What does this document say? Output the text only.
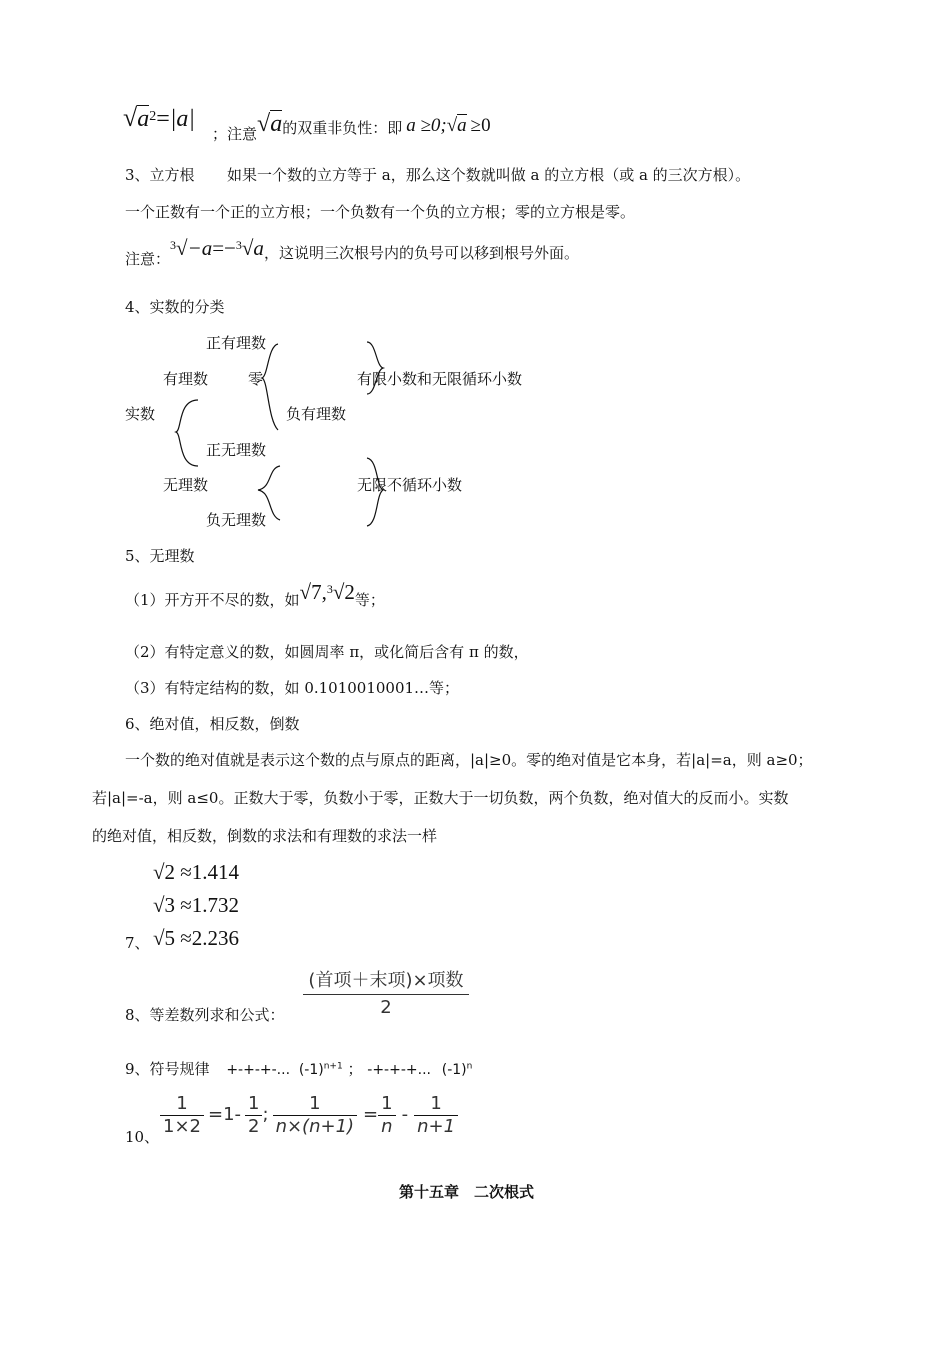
$√a^2=|a|$
；注意√a的双重非负性：即 a ≥0;√a ≥0
3、立方根 如果一个数的立方等于 a，那么这个数就叫做 a 的立方根（或 a 的三次方根）。
一个正数有一个正的立方根；一个负数有一个负的立方根；零的立方根是零。
注意：$^3$√−a=−$^3$√a，这说明三次根号内的负号可以移到根号外面。
4、实数的分类
正有理数
有理数	零	有限小数和无限循环小数
实数	负有理数
正无理数
无理数	无限不循环小数
负无理数
5、无理数
（1）开方开不尽的数，如√7,$^3$√2等；
（2）有特定意义的数，如圆周率 π，或化简后含有 π 的数，
（3）有特定结构的数，如 0.1010010001…等；
6、绝对值，相反数，倒数
一个数的绝对值就是表示这个数的点与原点的距离，|a|≥0。零的绝对值是它本身，若|a|=a，则 a≥0；
若|a|=-a，则 a≤0。正数大于零，负数小于零，正数大于一切负数，两个负数，绝对值大的反而小。实数
的绝对值，相反数，倒数的求法和有理数的求法一样
√2 ≈1.414
√3 ≈1.732
7、 √5 ≈2.236
8、等差数列求和公式：
(首项＋末项)×项数
2
9、符号规律 +-+-+-... $(-1)^{n+1}$ ； -+-+-+... $(-1)^n$
10、 $\frac{1}{1\times 2} =1- \frac{1}{2}$ ; $\frac{1}{n\times(n+1)} = \frac{1}{n} - \frac{1}{n+1}$
第十五章　二次根式
